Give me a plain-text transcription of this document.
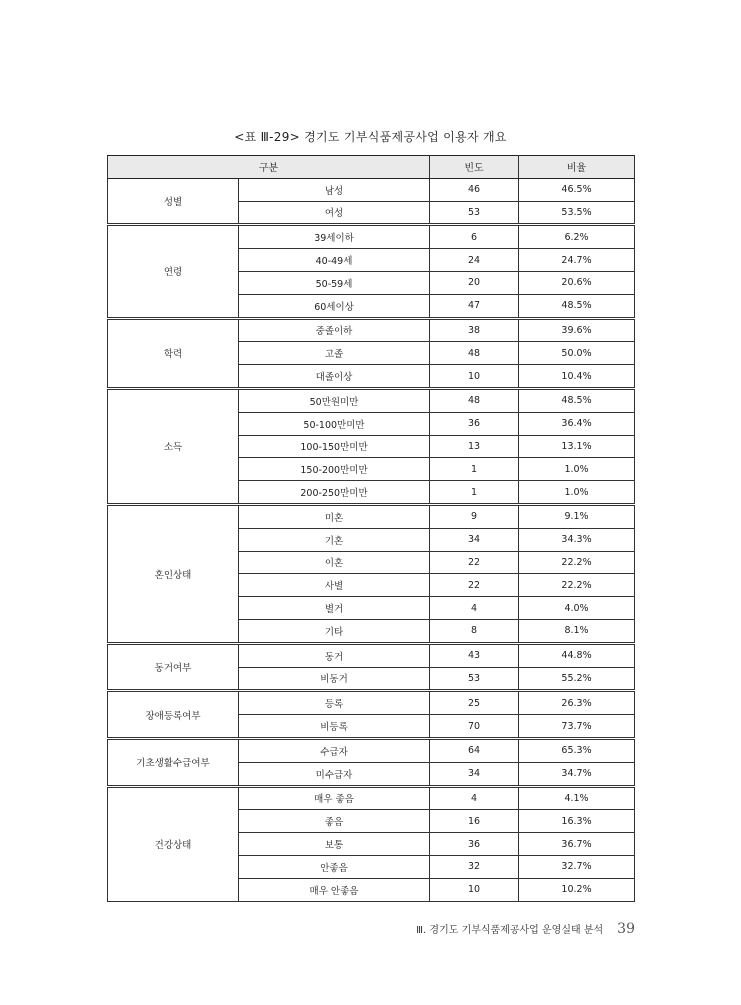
<표 Ⅲ-29> 경기도 기부식품제공사업 이용자 개요
구분		빈도	비율
성별	남성	46	46.5%
	여성	53	53.5%
연령	39세이하	6	6.2%
	40-49세	24	24.7%
	50-59세	20	20.6%
	60세이상	47	48.5%
학력	중졸이하	38	39.6%
	고졸	48	50.0%
	대졸이상	10	10.4%
소득	50만원미만	48	48.5%
	50-100만미만	36	36.4%
	100-150만미만	13	13.1%
	150-200만미만	1	1.0%
	200-250만미만	1	1.0%
혼인상태	미혼	9	9.1%
	기혼	34	34.3%
	이혼	22	22.2%
	사별	22	22.2%
	별거	4	4.0%
	기타	8	8.1%
동거여부	동거	43	44.8%
	비동거	53	55.2%
장애등록여부	등록	25	26.3%
	비등록	70	73.7%
기초생활수급여부	수급자	64	65.3%
	미수급자	34	34.7%
건강상태	매우 좋음	4	4.1%
	좋음	16	16.3%
	보통	36	36.7%
	안좋음	32	32.7%
	매우 안좋음	10	10.2%
Ⅲ. 경기도 기부식품제공사업 운영실태 분석 39
